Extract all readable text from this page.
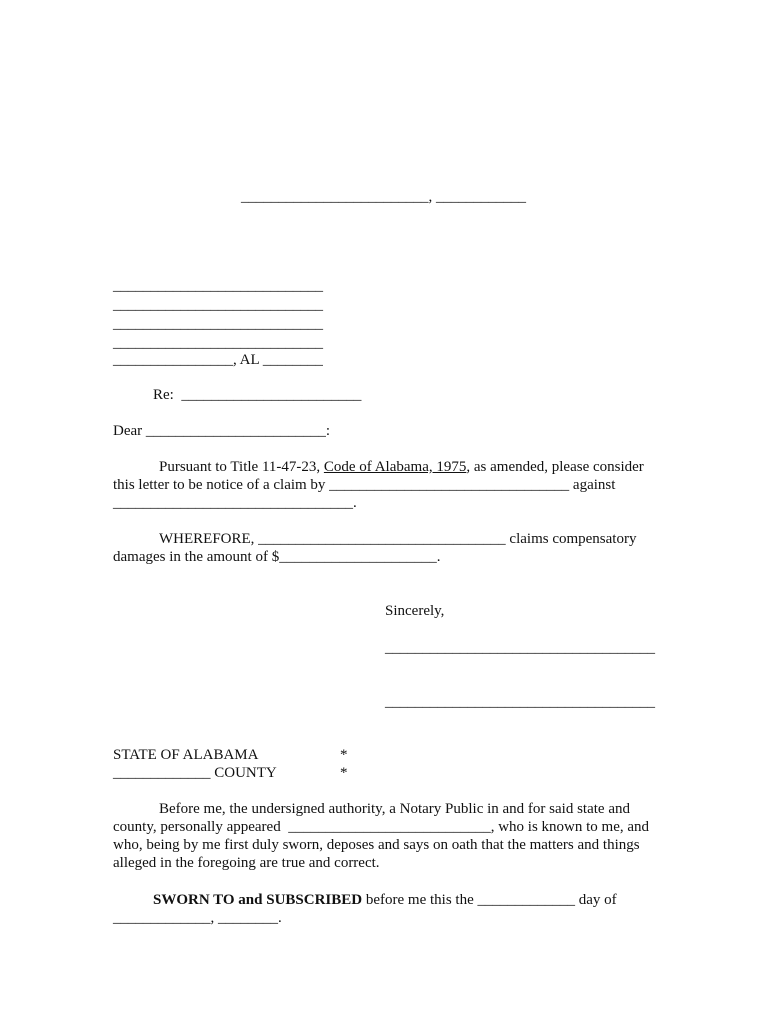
_________________________, ____________
____________________________
____________________________
____________________________
____________________________
________________, AL ________
Re:  ________________________
Dear ________________________:
Pursuant to Title 11-47-23, Code of Alabama, 1975, as amended, please consider
this letter to be notice of a claim by ________________________________ against
________________________________.
WHEREFORE, _________________________________ claims compensatory
damages in the amount of $_____________________.
Sincerely,
____________________________________
____________________________________
STATE OF ALABAMA	*
_____________ COUNTY	*
Before me, the undersigned authority, a Notary Public in and for said state and
county, personally appeared  ___________________________, who is known to me, and
who, being by me first duly sworn, deposes and says on oath that the matters and things
alleged in the foregoing are true and correct.
SWORN TO and SUBSCRIBED before me this the _____________ day of
_____________, ________.
